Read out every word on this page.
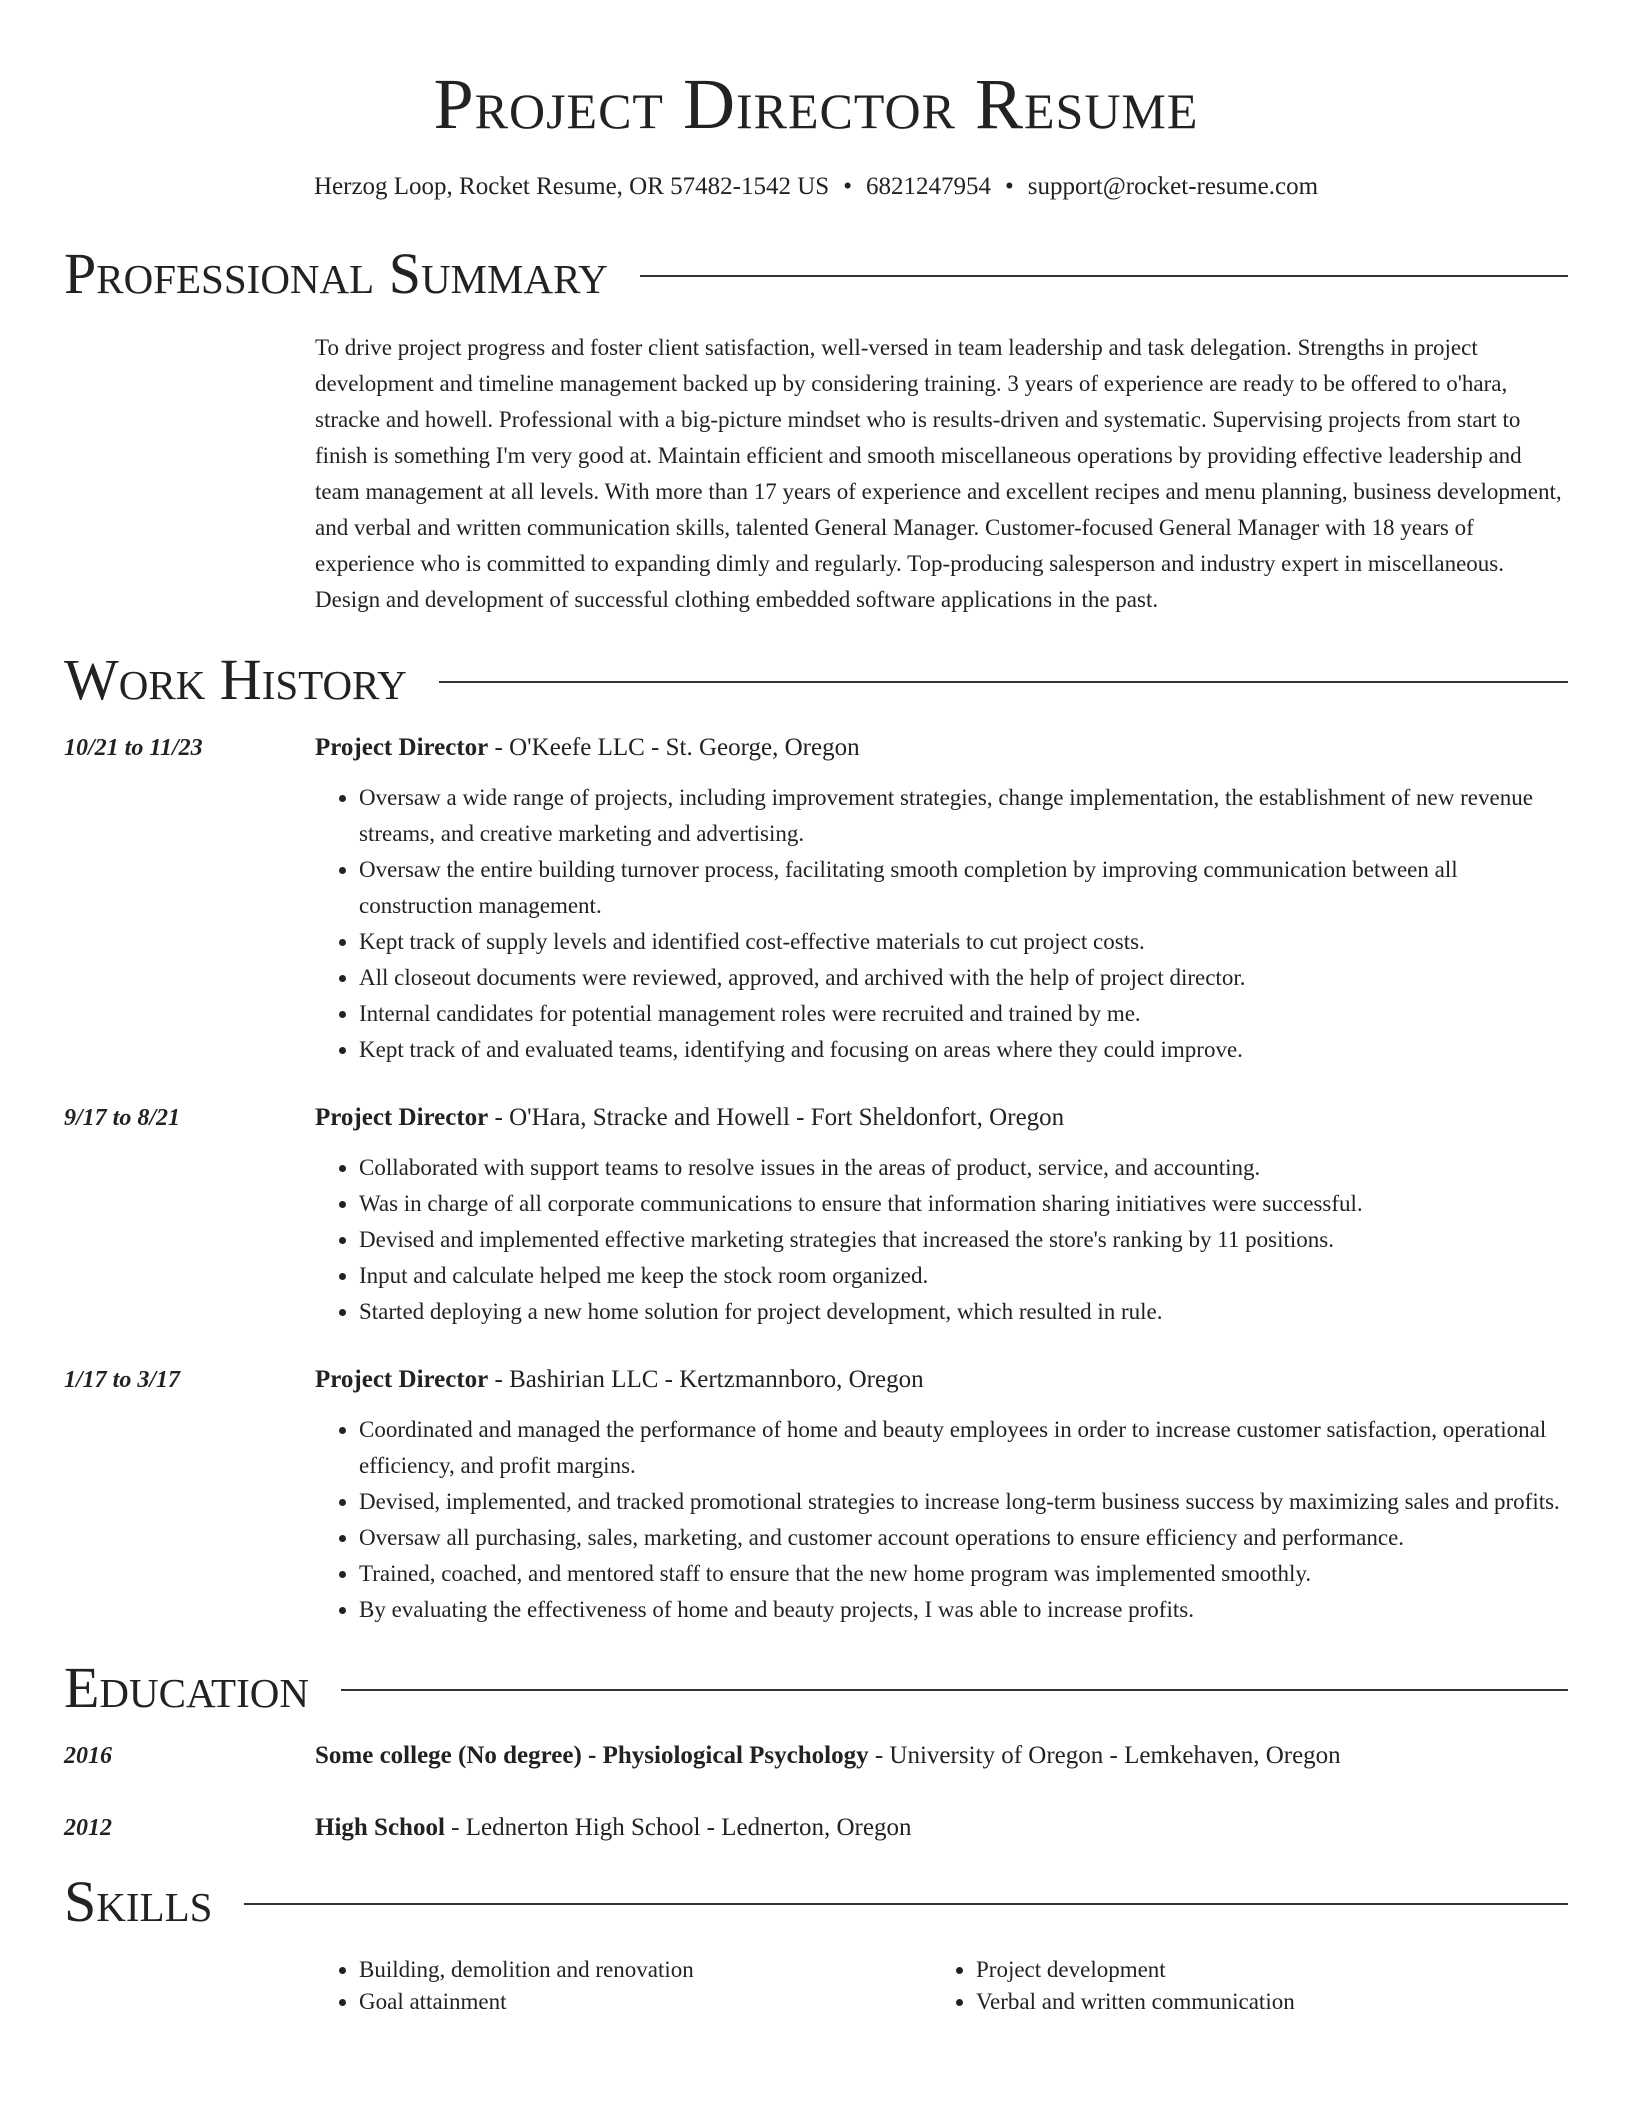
Project Director Resume
Herzog Loop, Rocket Resume, OR 57482-1542 US • 6821247954 • support@rocket-resume.com
Professional Summary
To drive project progress and foster client satisfaction, well-versed in team leadership and task delegation. Strengths in project development and timeline management backed up by considering training. 3 years of experience are ready to be offered to o'hara, stracke and howell. Professional with a big-picture mindset who is results-driven and systematic. Supervising projects from start to finish is something I'm very good at. Maintain efficient and smooth miscellaneous operations by providing effective leadership and team management at all levels. With more than 17 years of experience and excellent recipes and menu planning, business development, and verbal and written communication skills, talented General Manager. Customer-focused General Manager with 18 years of experience who is committed to expanding dimly and regularly. Top-producing salesperson and industry expert in miscellaneous. Design and development of successful clothing embedded software applications in the past.
Work History
10/21 to 11/23	Project Director - O'Keefe LLC - St. George, Oregon
• Oversaw a wide range of projects, including improvement strategies, change implementation, the establishment of new revenue streams, and creative marketing and advertising.
• Oversaw the entire building turnover process, facilitating smooth completion by improving communication between all construction management.
• Kept track of supply levels and identified cost-effective materials to cut project costs.
• All closeout documents were reviewed, approved, and archived with the help of project director.
• Internal candidates for potential management roles were recruited and trained by me.
• Kept track of and evaluated teams, identifying and focusing on areas where they could improve.
9/17 to 8/21	Project Director - O'Hara, Stracke and Howell - Fort Sheldonfort, Oregon
• Collaborated with support teams to resolve issues in the areas of product, service, and accounting.
• Was in charge of all corporate communications to ensure that information sharing initiatives were successful.
• Devised and implemented effective marketing strategies that increased the store's ranking by 11 positions.
• Input and calculate helped me keep the stock room organized.
• Started deploying a new home solution for project development, which resulted in rule.
1/17 to 3/17	Project Director - Bashirian LLC - Kertzmannboro, Oregon
• Coordinated and managed the performance of home and beauty employees in order to increase customer satisfaction, operational efficiency, and profit margins.
• Devised, implemented, and tracked promotional strategies to increase long-term business success by maximizing sales and profits.
• Oversaw all purchasing, sales, marketing, and customer account operations to ensure efficiency and performance.
• Trained, coached, and mentored staff to ensure that the new home program was implemented smoothly.
• By evaluating the effectiveness of home and beauty projects, I was able to increase profits.
Education
2016	Some college (No degree) - Physiological Psychology - University of Oregon - Lemkehaven, Oregon
2012	High School - Lednerton High School - Lednerton, Oregon
Skills
• Building, demolition and renovation
• Goal attainment
• Project development
• Verbal and written communication
